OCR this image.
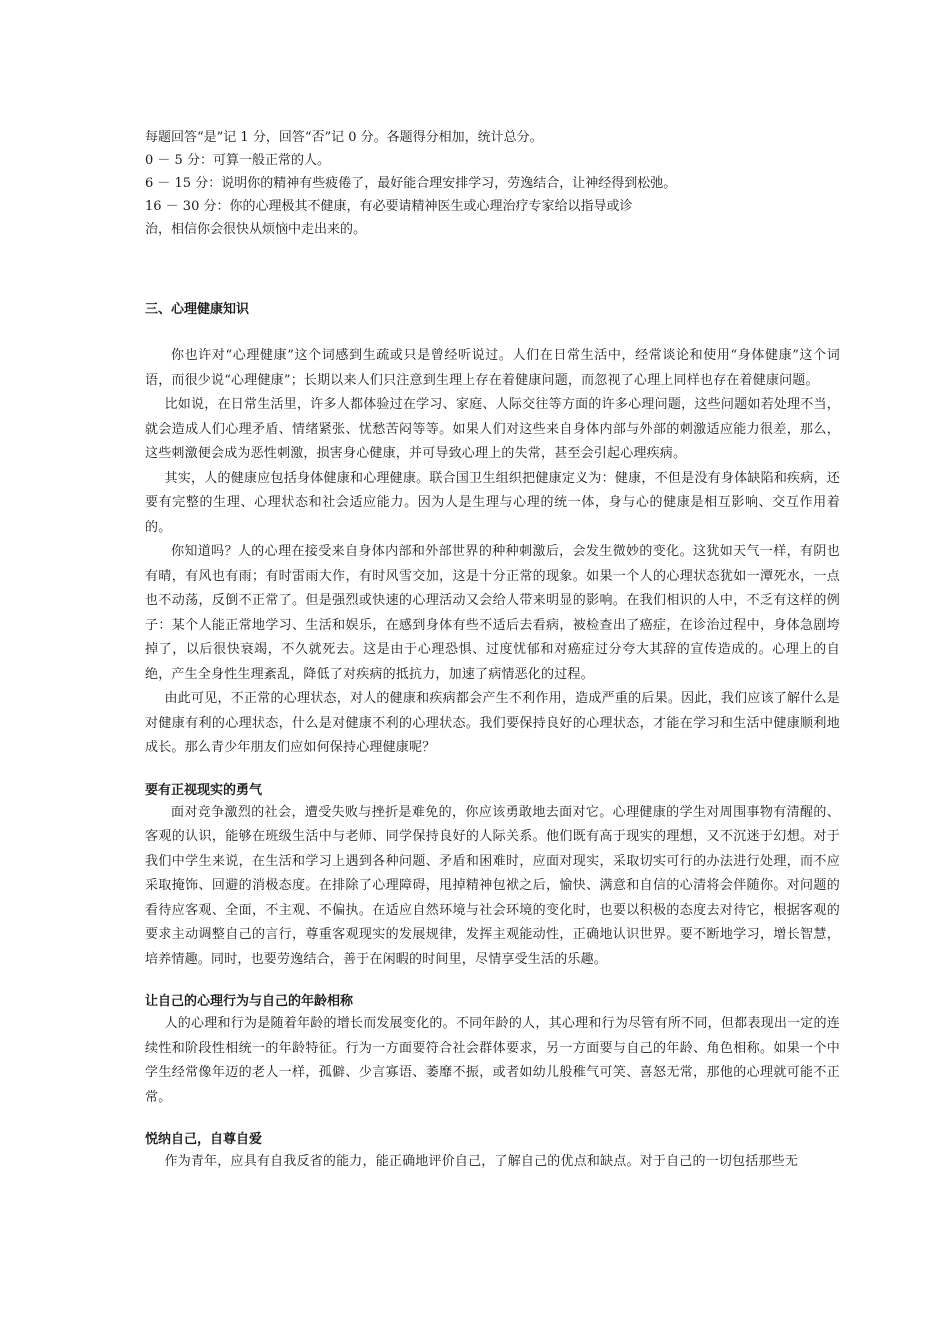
每题回答“是”记 1 分，回答“否”记 0 分。各题得分相加，统计总分。

0 － 5 分：可算一般正常的人。

6 － 15 分：说明你的精神有些疲倦了，最好能合理安排学习，劳逸结合，让神经得到松弛。

16 － 30 分：你的心理极其不健康，有必要请精神医生或心理治疗专家给以指导或诊

治，相信你会很快从烦恼中走出来的。

三、心理健康知识

你也许对“心理健康”这个词感到生疏或只是曾经听说过。人们在日常生活中，经常谈论和使用“身体健康”这个词语，而很少说“心理健康”；长期以来人们只注意到生理上存在着健康问题，而忽视了心理上同样也存在着健康问题。

比如说，在日常生活里，许多人都体验过在学习、家庭、人际交往等方面的许多心理问题，这些问题如若处理不当，就会造成人们心理矛盾、情绪紧张、忧愁苦闷等等。如果人们对这些来自身体内部与外部的刺激适应能力很差，那么，这些刺激便会成为恶性刺激，损害身心健康，并可导致心理上的失常，甚至会引起心理疾病。

其实，人的健康应包括身体健康和心理健康。联合国卫生组织把健康定义为：健康，不但是没有身体缺陷和疾病，还要有完整的生理、心理状态和社会适应能力。因为人是生理与心理的统一体，身与心的健康是相互影响、交互作用着的。

你知道吗？人的心理在接受来自身体内部和外部世界的种种刺激后，会发生微妙的变化。这犹如天气一样，有阴也有晴，有风也有雨；有时雷雨大作，有时风雪交加，这是十分正常的现象。如果一个人的心理状态犹如一潭死水，一点也不动荡，反倒不正常了。但是强烈或快速的心理活动又会给人带来明显的影响。在我们相识的人中，不乏有这样的例子：某个人能正常地学习、生活和娱乐，在感到身体有些不适后去看病，被检查出了癌症，在诊治过程中，身体急剧垮掉了，以后很快衰竭，不久就死去。这是由于心理恐惧、过度忧郁和对癌症过分夸大其辞的宣传造成的。心理上的自绝，产生全身性生理紊乱，降低了对疾病的抵抗力，加速了病情恶化的过程。

由此可见，不正常的心理状态，对人的健康和疾病都会产生不利作用，造成严重的后果。因此，我们应该了解什么是对健康有利的心理状态，什么是对健康不利的心理状态。我们要保持良好的心理状态，才能在学习和生活中健康顺利地成长。那么青少年朋友们应如何保持心理健康呢？

要有正视现实的勇气

面对竞争激烈的社会，遭受失败与挫折是难免的，你应该勇敢地去面对它。心理健康的学生对周围事物有清醒的、客观的认识，能够在班级生活中与老师、同学保持良好的人际关系。他们既有高于现实的理想，又不沉迷于幻想。对于我们中学生来说，在生活和学习上遇到各种问题、矛盾和困难时，应面对现实，采取切实可行的办法进行处理，而不应采取掩饰、回避的消极态度。在排除了心理障碍，甩掉精神包袱之后，愉快、满意和自信的心清将会伴随你。对问题的看待应客观、全面，不主观、不偏执。在适应自然环境与社会环境的变化时，也要以积极的态度去对待它，根据客观的要求主动调整自己的言行，尊重客观现实的发展规律，发挥主观能动性，正确地认识世界。要不断地学习，增长智慧，培养情趣。同时，也要劳逸结合，善于在闲暇的时间里，尽情享受生活的乐趣。

让自己的心理行为与自己的年龄相称

人的心理和行为是随着年龄的增长而发展变化的。不同年龄的人，其心理和行为尽管有所不同，但都表现出一定的连续性和阶段性相统一的年龄特征。行为一方面要符合社会群体要求，另一方面要与自己的年龄、角色相称。如果一个中学生经常像年迈的老人一样，孤僻、少言寡语、萎靡不振，或者如幼儿般稚气可笑、喜怒无常，那他的心理就可能不正常。

悦纳自己，自尊自爱

作为青年，应具有自我反省的能力，能正确地评价自己，了解自己的优点和缺点。对于自己的一切包括那些无
